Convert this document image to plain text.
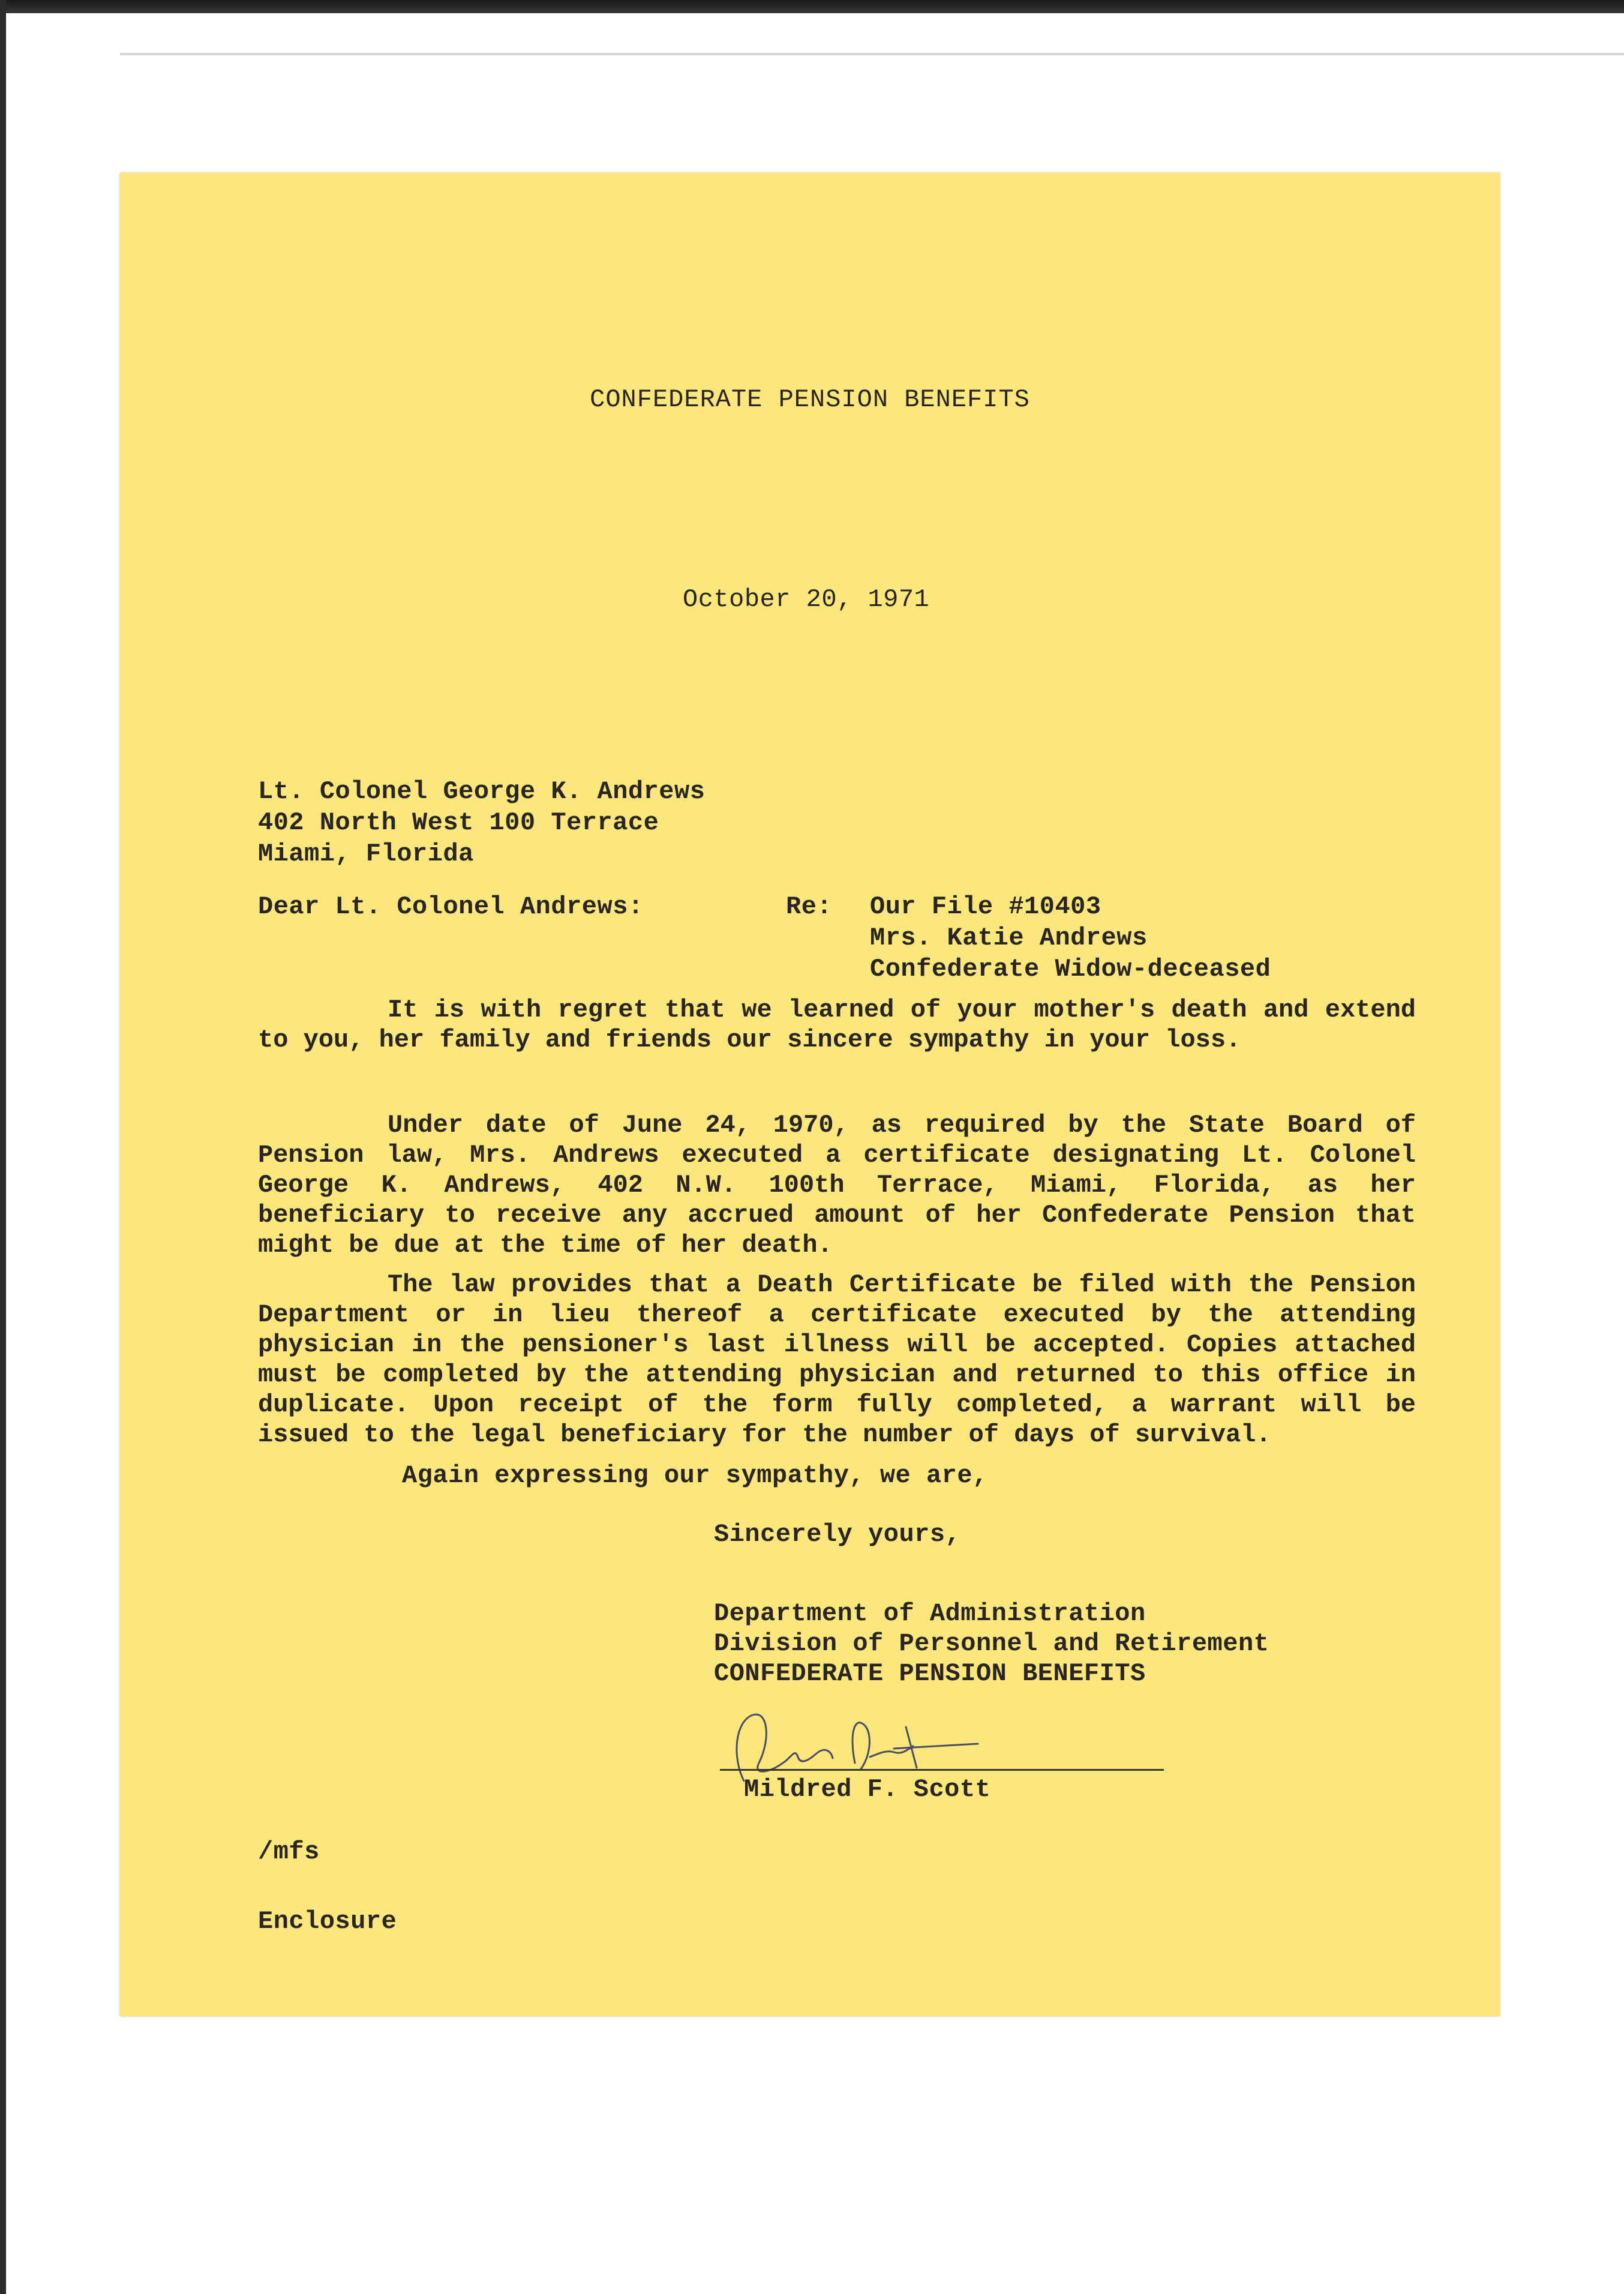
CONFEDERATE PENSION BENEFITS

October 20, 1971

Lt. Colonel George K. Andrews
402 North West 100 Terrace
Miami, Florida

Dear Lt. Colonel Andrews:	Re: Our File #10403
Mrs. Katie Andrews
Confederate Widow-deceased

It is with regret that we learned of your mother's death and extend to you, her family and friends our sincere sympathy in your loss.

Under date of June 24, 1970, as required by the State Board of Pension law, Mrs. Andrews executed a certificate designating Lt. Colonel George K. Andrews, 402 N.W. 100th Terrace, Miami, Florida, as her beneficiary to receive any accrued amount of her Confederate Pension that might be due at the time of her death.

The law provides that a Death Certificate be filed with the Pension Department or in lieu thereof a certificate executed by the attending physician in the pensioner's last illness will be accepted. Copies attached must be completed by the attending physician and returned to this office in duplicate. Upon receipt of the form fully completed, a warrant will be issued to the legal beneficiary for the number of days of survival.

Again expressing our sympathy, we are,

Sincerely yours,

Department of Administration
Division of Personnel and Retirement
CONFEDERATE PENSION BENEFITS

Mildred F. Scott

/mfs

Enclosure
